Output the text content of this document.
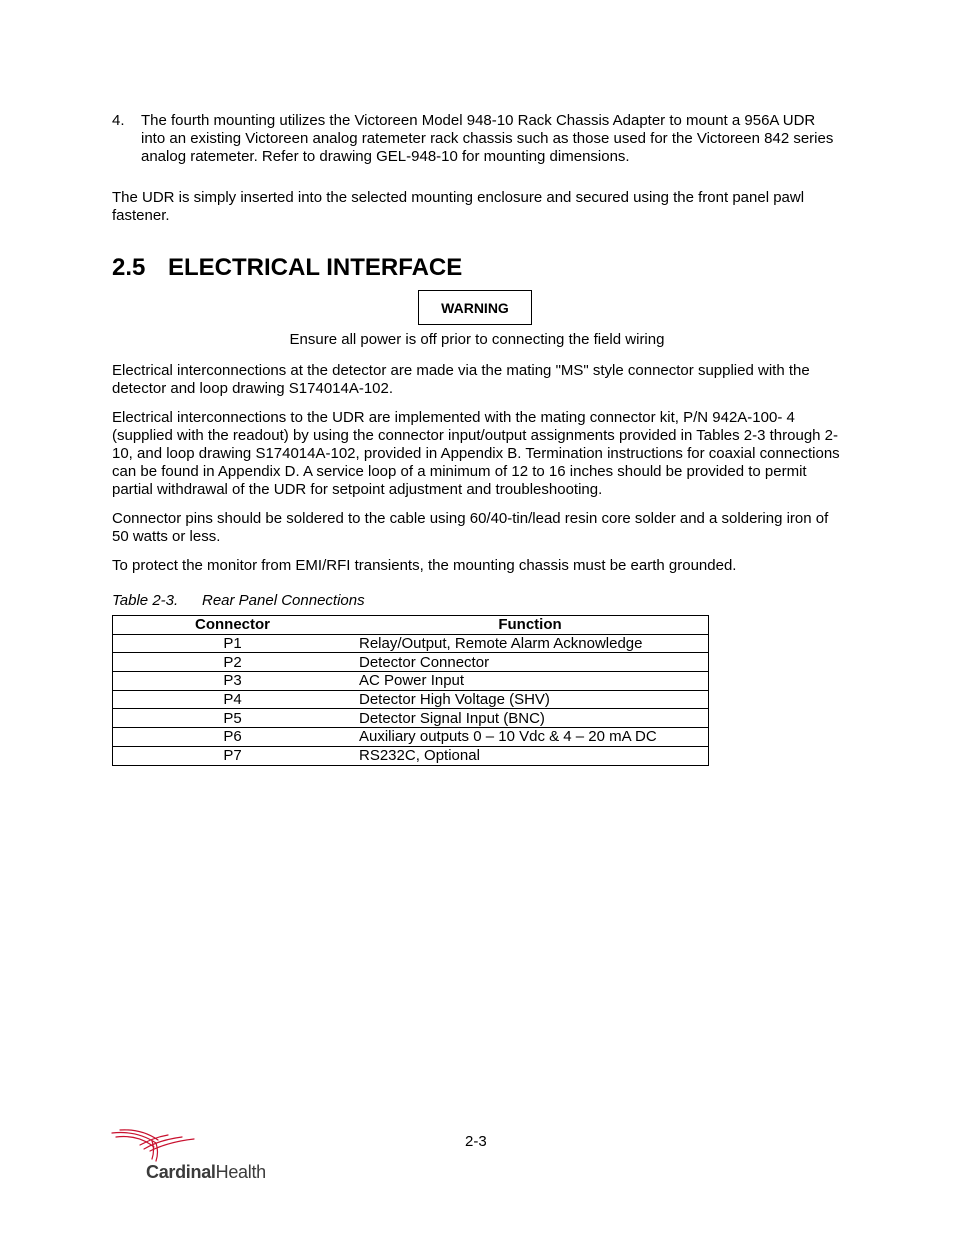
4. The fourth mounting utilizes the Victoreen Model 948-10 Rack Chassis Adapter to mount a 956A UDR into an existing Victoreen analog ratemeter rack chassis such as those used for the Victoreen 842 series analog ratemeter. Refer to drawing GEL-948-10 for mounting dimensions.

The UDR is simply inserted into the selected mounting enclosure and secured using the front panel pawl fastener.

2.5 ELECTRICAL INTERFACE
WARNING

Ensure all power is off prior to connecting the field wiring

Electrical interconnections at the detector are made via the mating "MS" style connector supplied with the detector and loop drawing S174014A-102.

Electrical interconnections to the UDR are implemented with the mating connector kit, P/N 942A-100- 4 (supplied with the readout) by using the connector input/output assignments provided in Tables 2-3 through 2-10, and loop drawing S174014A-102, provided in Appendix B. Termination instructions for coaxial connections can be found in Appendix D. A service loop of a minimum of 12 to 16 inches should be provided to permit partial withdrawal of the UDR for setpoint adjustment and troubleshooting.

Connector pins should be soldered to the cable using 60/40-tin/lead resin core solder and a soldering iron of 50 watts or less.

To protect the monitor from EMI/RFI transients, the mounting chassis must be earth grounded.

Table 2-3. Rear Panel Connections
Connector	Function
P1	Relay/Output, Remote Alarm Acknowledge
P2	Detector Connector
P3	AC Power Input
P4	Detector High Voltage (SHV)
P5	Detector Signal Input (BNC)
P6	Auxiliary outputs 0 – 10 Vdc & 4 – 20 mA DC
P7	RS232C, Optional
2-3
CardinalHealth
